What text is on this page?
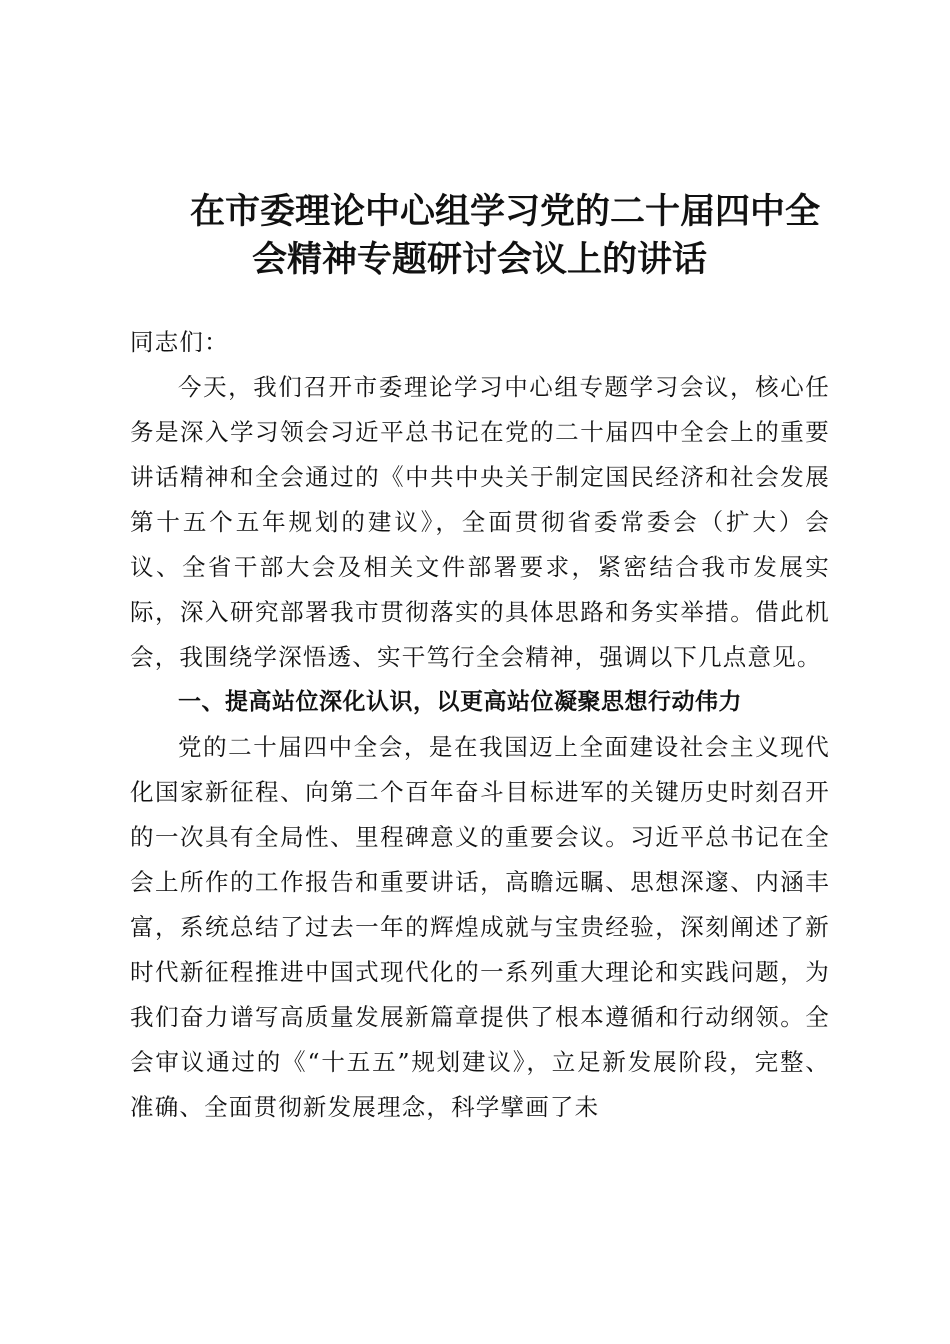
在市委理论中心组学习党的二十届四中全
会精神专题研讨会议上的讲话

同志们：

今天，我们召开市委理论学习中心组专题学习会议，核心任务是深入学习领会习近平总书记在党的二十届四中全会上的重要讲话精神和全会通过的《中共中央关于制定国民经济和社会发展第十五个五年规划的建议》，全面贯彻省委常委会（扩大）会议、全省干部大会及相关文件部署要求，紧密结合我市发展实际，深入研究部署我市贯彻落实的具体思路和务实举措。借此机会，我围绕学深悟透、实干笃行全会精神，强调以下几点意见。

一、提高站位深化认识，以更高站位凝聚思想行动伟力

党的二十届四中全会，是在我国迈上全面建设社会主义现代化国家新征程、向第二个百年奋斗目标进军的关键历史时刻召开的一次具有全局性、里程碑意义的重要会议。习近平总书记在全会上所作的工作报告和重要讲话，高瞻远瞩、思想深邃、内涵丰富，系统总结了过去一年的辉煌成就与宝贵经验，深刻阐述了新时代新征程推进中国式现代化的一系列重大理论和实践问题，为我们奋力谱写高质量发展新篇章提供了根本遵循和行动纲领。全会审议通过的《“十五五”规划建议》，立足新发展阶段，完整、准确、全面贯彻新发展理念，科学擘画了未
